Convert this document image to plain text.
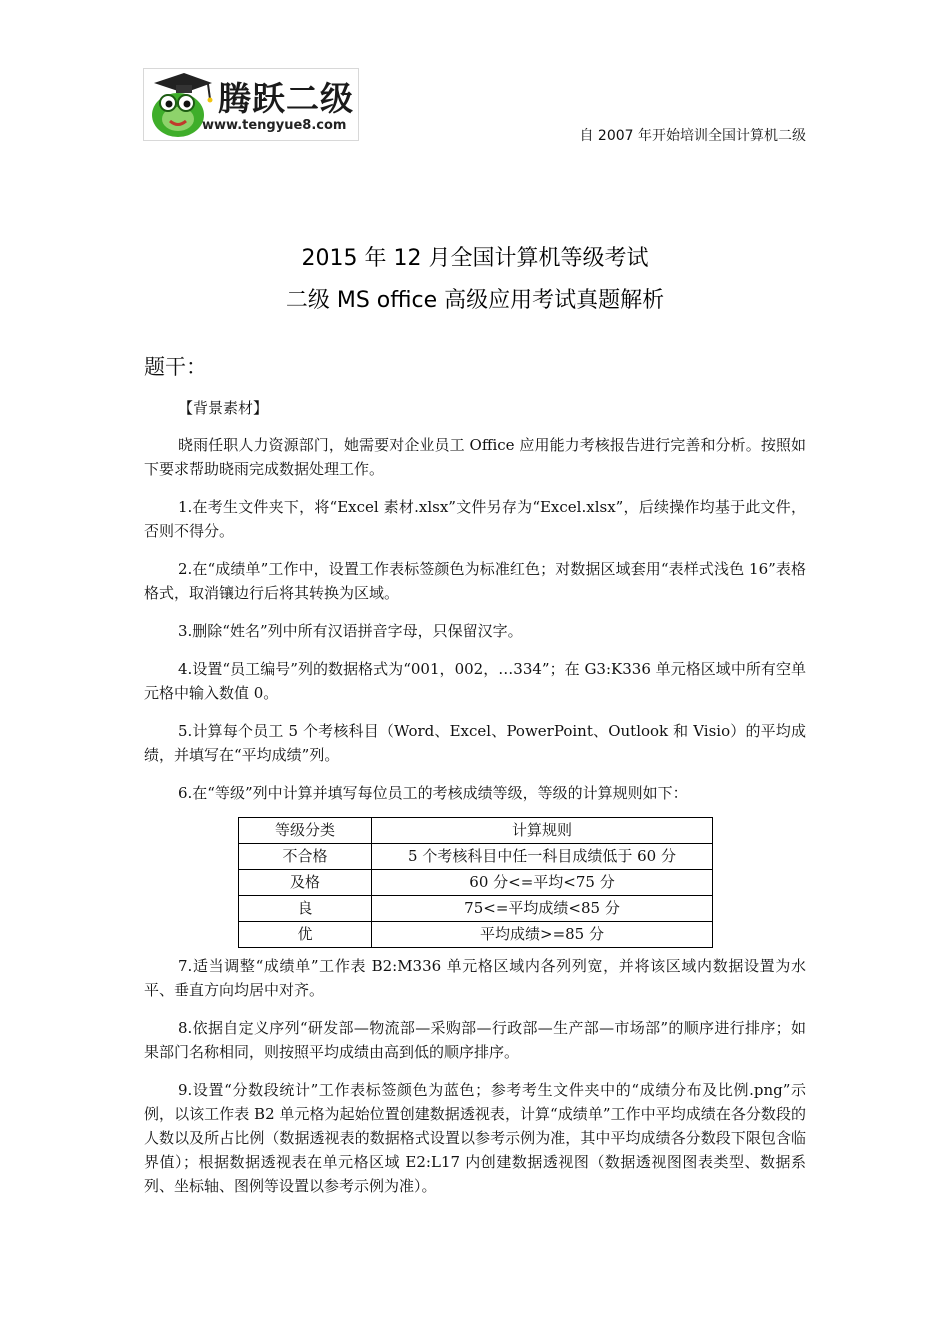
腾跃二级
www.tengyue8.com
自 2007 年开始培训全国计算机二级
2015 年 12 月全国计算机等级考试
二级 MS office 高级应用考试真题解析
题干：
【背景素材】
晓雨任职人力资源部门，她需要对企业员工 Office 应用能力考核报告进行完善和分析。按照如下要求帮助晓雨完成数据处理工作。
1.在考生文件夹下，将“Excel 素材.xlsx”文件另存为“Excel.xlsx”，后续操作均基于此文件，否则不得分。
2.在“成绩单”工作中，设置工作表标签颜色为标准红色；对数据区域套用“表样式浅色 16”表格格式，取消镶边行后将其转换为区域。
3.删除“姓名”列中所有汉语拼音字母，只保留汉字。
4.设置“员工编号”列的数据格式为“001，002，…334”；在 G3:K336 单元格区域中所有空单元格中输入数值 0。
5.计算每个员工 5 个考核科目（Word、Excel、PowerPoint、Outlook 和 Visio）的平均成绩，并填写在“平均成绩”列。
6.在“等级”列中计算并填写每位员工的考核成绩等级，等级的计算规则如下：
等级分类	计算规则
不合格	5 个考核科目中任一科目成绩低于 60 分
及格	60 分<=平均<75 分
良	75<=平均成绩<85 分
优	平均成绩>=85 分
7.适当调整“成绩单”工作表 B2:M336 单元格区域内各列列宽，并将该区域内数据设置为水平、垂直方向均居中对齐。
8.依据自定义序列“研发部—物流部—采购部—行政部—生产部—市场部”的顺序进行排序；如果部门名称相同，则按照平均成绩由高到低的顺序排序。
9.设置“分数段统计”工作表标签颜色为蓝色；参考考生文件夹中的“成绩分布及比例.png”示例，以该工作表 B2 单元格为起始位置创建数据透视表，计算“成绩单”工作中平均成绩在各分数段的人数以及所占比例（数据透视表的数据格式设置以参考示例为准，其中平均成绩各分数段下限包含临界值）；根据数据透视表在单元格区域 E2:L17 内创建数据透视图（数据透视图图表类型、数据系列、坐标轴、图例等设置以参考示例为准）。
